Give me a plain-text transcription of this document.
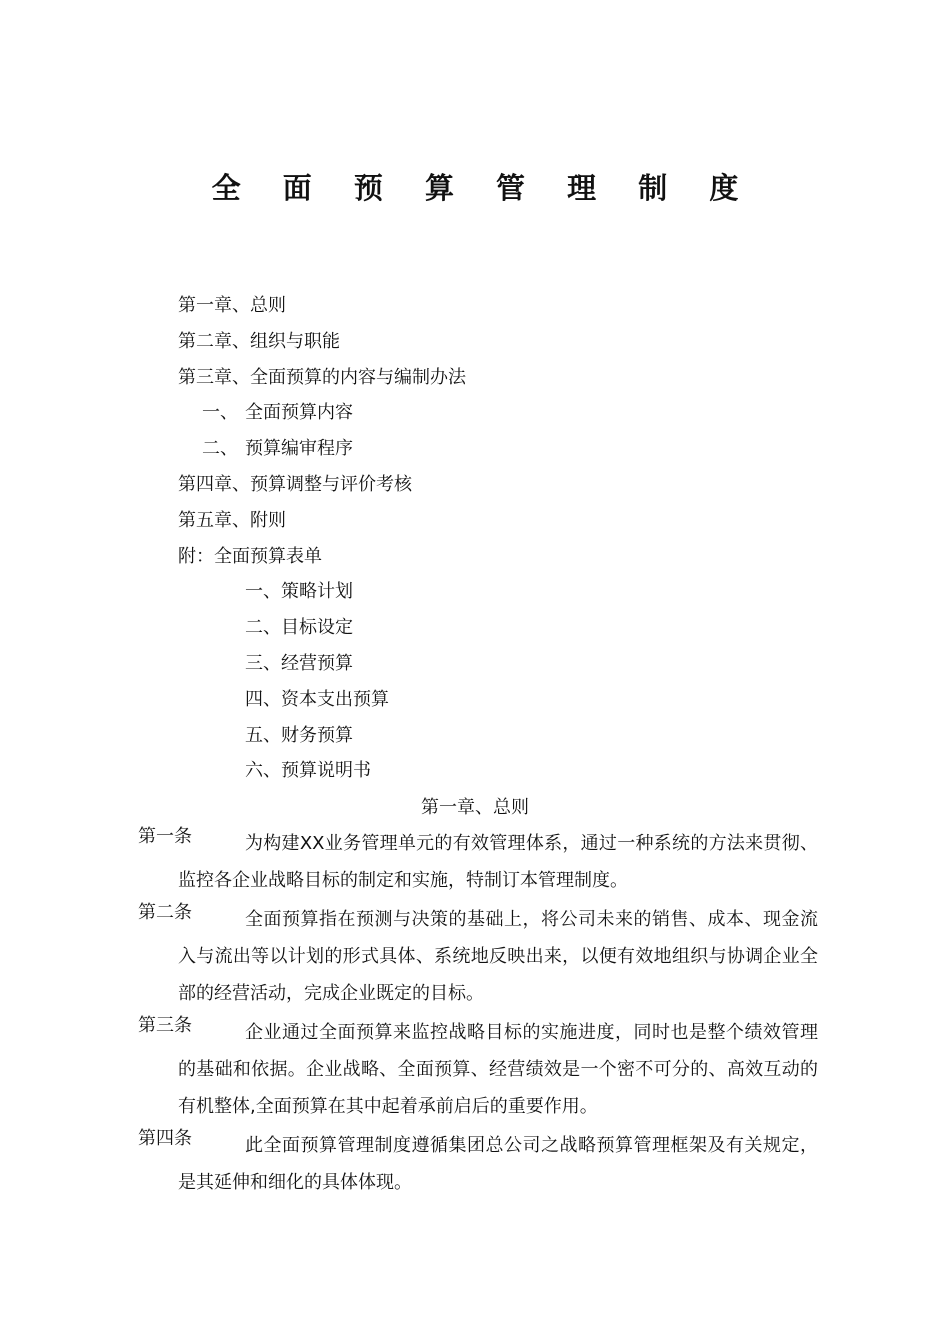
全 面 预 算 管 理 制 度
第一章、总则
第二章、组织与职能
第三章、全面预算的内容与编制办法
一、 全面预算内容
二、 预算编审程序
第四章、预算调整与评价考核
第五章、附则
附：全面预算表单
一、策略计划
二、目标设定
三、经营预算
四、资本支出预算
五、财务预算
六、预算说明书
第一章、总则
第一条	为构建XX业务管理单元的有效管理体系，通过一种系统的方法来贯彻、监控各企业战略目标的制定和实施，特制订本管理制度。
第二条	全面预算指在预测与决策的基础上，将公司未来的销售、成本、现金流入与流出等以计划的形式具体、系统地反映出来，以便有效地组织与协调企业全部的经营活动，完成企业既定的目标。
第三条	企业通过全面预算来监控战略目标的实施进度，同时也是整个绩效管理的基础和依据。企业战略、全面预算、经营绩效是一个密不可分的、高效互动的有机整体,全面预算在其中起着承前启后的重要作用。
第四条	此全面预算管理制度遵循集团总公司之战略预算管理框架及有关规定，是其延伸和细化的具体体现。
